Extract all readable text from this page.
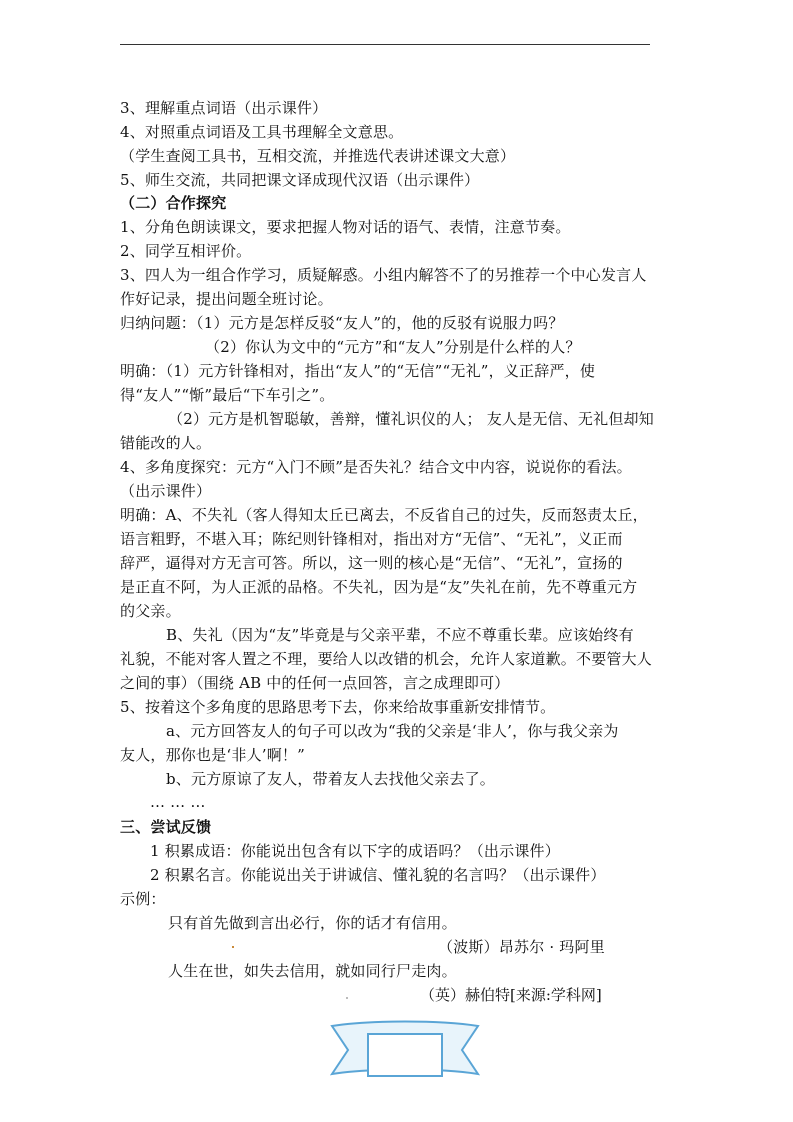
3、理解重点词语（出示课件）
4、对照重点词语及工具书理解全文意思。
（学生查阅工具书，互相交流，并推选代表讲述课文大意）
5、师生交流，共同把课文译成现代汉语（出示课件）
（二）合作探究
1、分角色朗读课文，要求把握人物对话的语气、表情，注意节奏。
2、同学互相评价。
3、四人为一组合作学习，质疑解惑。小组内解答不了的另推荐一个中心发言人
作好记录，提出问题全班讨论。
归纳问题：（1）元方是怎样反驳“友人”的，他的反驳有说服力吗？
（2）你认为文中的“元方”和“友人”分别是什么样的人？
明确：（1）元方针锋相对，指出“友人”的“无信”“无礼”，义正辞严，使
得“友人”“惭”最后“下车引之”。
（2）元方是机智聪敏，善辩，懂礼识仪的人； 友人是无信、无礼但却知
错能改的人。
4、多角度探究：元方“入门不顾”是否失礼？结合文中内容，说说你的看法。
（出示课件）
明确：A、不失礼（客人得知太丘已离去，不反省自己的过失，反而怒责太丘，
语言粗野，不堪入耳；陈纪则针锋相对，指出对方“无信”、“无礼”，义正而
辞严，逼得对方无言可答。所以，这一则的核心是“无信”、“无礼”，宣扬的
是正直不阿，为人正派的品格。不失礼，因为是“友”失礼在前，先不尊重元方
的父亲。
B、失礼（因为“友”毕竟是与父亲平辈，不应不尊重长辈。应该始终有
礼貌，不能对客人置之不理，要给人以改错的机会，允许人家道歉。不要管大人
之间的事）（围绕 AB 中的任何一点回答，言之成理即可）
5、按着这个多角度的思路思考下去，你来给故事重新安排情节。
a、元方回答友人的句子可以改为“我的父亲是‘非人’，你与我父亲为
友人，那你也是‘非人’啊！”
b、元方原谅了友人，带着友人去找他父亲去了。
… … …
三、尝试反馈
1 积累成语：你能说出包含有以下字的成语吗？（出示课件）
2 积累名言。你能说出关于讲诚信、懂礼貌的名言吗？（出示课件）
示例：
只有首先做到言出必行，你的话才有信用。
（波斯）昂苏尔 · 玛阿里
人生在世，如失去信用，就如同行尸走肉。
（英）赫伯特[来源:学科网]
